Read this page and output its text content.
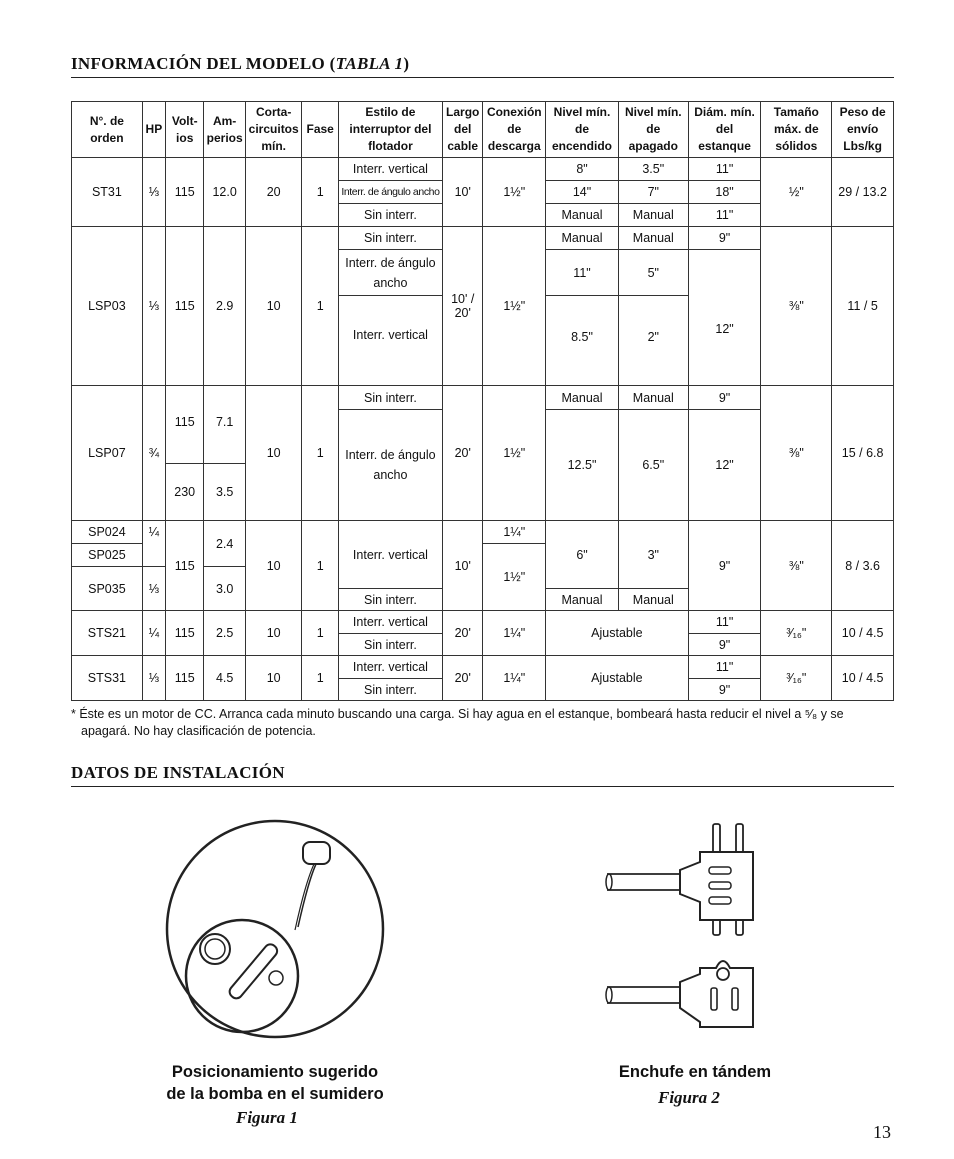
INFORMACIÓN DEL MODELO (TABLA 1)
N°. de orden	HP	Volt-ios	Am-perios	Corta-circuitos mín.	Fase	Estilo de interruptor del flotador	Largo del cable	Conexión de descarga	Nivel mín. de encendido	Nivel mín. de apagado	Diám. mín. del estanque	Tamaño máx. de sólidos	Peso de envío Lbs/kg
ST31	⅓	115	12.0	20	1	Interr. vertical	10'	1½"	8"	3.5"	11"	½"	29 / 13.2
						Interr. de ángulo ancho			14"	7"	18"		
						Sin interr.			Manual	Manual	11"		
LSP03	⅓	115	2.9	10	1	Sin interr.	10' / 20'	1½"	Manual	Manual	9"	⅜"	11 / 5
						Interr. de ángulo ancho			11"	5"	12"		

						Interr. vertical			8.5"	2"			
LSP07	¾	115	7.1	10	1	Sin interr.	20'	1½"	Manual	Manual	9"	⅜"	15 / 6.8
						Interr. de ángulo ancho			12.5"	6.5"	12"		
		230	3.5										
SP024	¼	115	2.4	10	1	Interr. vertical	10'	1¼"	6"	3"	9"	⅜"	8 / 3.6
SP025								1½"					
SP035	⅓		3.0										
						Sin interr.			Manual	Manual			
STS21	¼	115	2.5	10	1	Interr. vertical	20'	1¼"	Ajustable		11"	³⁄₁₆"	10 / 4.5
						Sin interr.					9"		
STS31	⅓	115	4.5	10	1	Interr. vertical	20'	1¼"	Ajustable		11"	³⁄₁₆"	10 / 4.5
						Sin interr.					9"		
* Éste es un motor de CC. Arranca cada minuto buscando una carga. Si hay agua en el estanque, bombeará hasta reducir el nivel a ⁵⁄₈ y se
apagará. No hay clasificación de potencia.
DATOS DE INSTALACIÓN
Posicionamiento sugerido
de la bomba en el sumidero
Figura 1
Enchufe en tándem
Figura 2
13
